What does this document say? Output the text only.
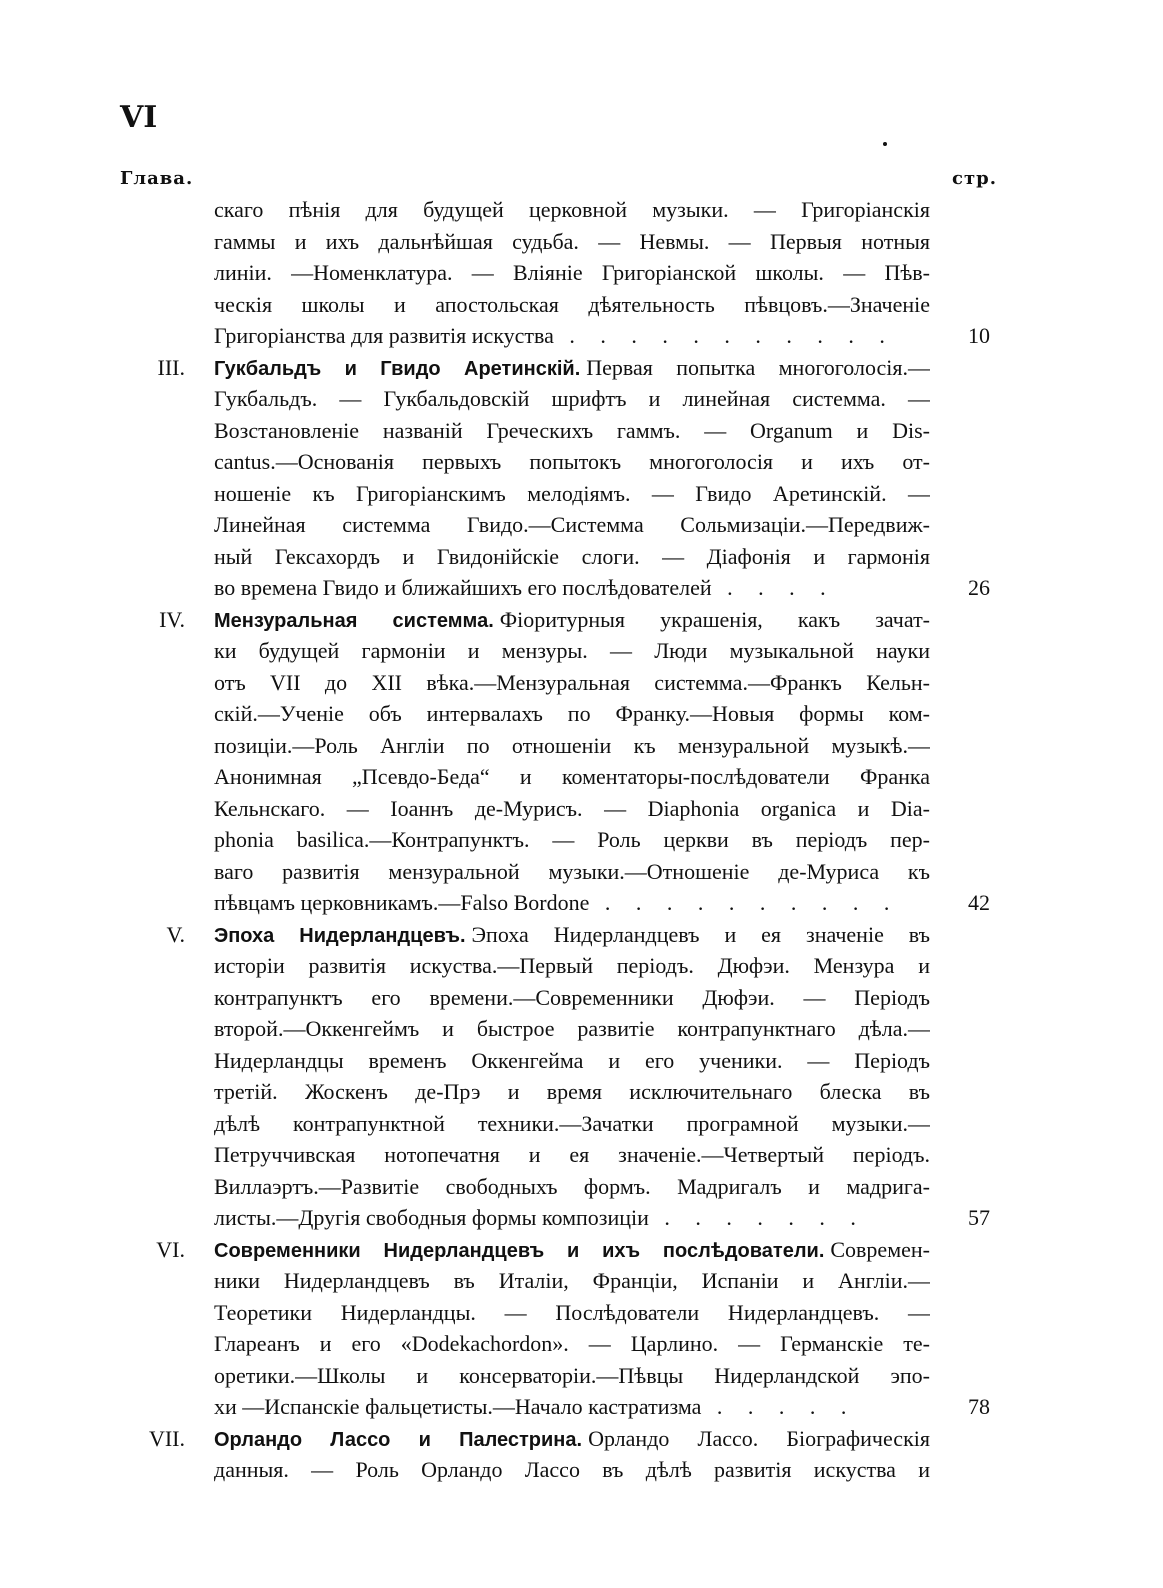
VI
Глава.	стр.
скаго пѣнія для будущей церковной музыки. — Григоріанскія
гаммы и ихъ дальнѣйшая судьба. — Невмы. — Первыя нотныя
линіи. —Номенклатура. — Вліяніе Григоріанской школы. — Пѣв-
ческія школы и апостольская дѣятельность пѣвцовъ.—Значеніе
Григоріанства для развитія искуства . . . . . . . . . . .	10
III.	Гукбальдъ и Гвидо Аретинскій. Первая попытка многоголосія.—
Гукбальдъ. — Гукбальдовскій шрифтъ и линейная системма. —
Возстановленіе названій Греческихъ гаммъ. — Organum и Dis-
cantus.—Основанія первыхъ попытокъ многоголосія и ихъ от-
ношеніе къ Григоріанскимъ мелодіямъ. — Гвидо Аретинскій. —
Линейная системма Гвидо.—Системма Сольмизаціи.—Передвиж-
ный Гексахордъ и Гвидонійскіе слоги. — Діафонія и гармонія
во времена Гвидо и ближайшихъ его послѣдователей . . . .	26
IV.	Мензуральная системма. Фіоритурныя украшенія, какъ зачат-
ки будущей гармоніи и мензуры. — Люди музыкальной науки
отъ VII до XII вѣка.—Мензуральная системма.—Франкъ Кельн-
скій.—Ученіе объ интервалахъ по Франку.—Новыя формы ком-
позиціи.—Роль Англіи по отношеніи къ мензуральной музыкѣ.—
Анонимная „Псевдо-Беда“ и коментаторы-послѣдователи Франка
Кельнскаго. — Іоаннъ де-Мурисъ. — Diaphonia organica и Dia-
phonia basilica.—Контрапунктъ. — Роль церкви въ періодъ пер-
ваго развитія мензуральной музыки.—Отношеніе де-Муриса къ
пѣвцамъ церковникамъ.—Falso Bordone . . . . . . . . . .	42
V.	Эпоха Нидерландцевъ. Эпоха Нидерландцевъ и ея значеніе въ
исторіи развитія искуства.—Первый періодъ. Дюфэи. Мензура и
контрапунктъ его времени.—Современники Дюфэи. — Періодъ
второй.—Оккенгеймъ и быстрое развитіе контрапунктнаго дѣла.—
Нидерландцы временъ Оккенгейма и его ученики. — Періодъ
третій. Жоскенъ де-Прэ и время исключительнаго блеска въ
дѣлѣ контрапунктной техники.—Зачатки програмной музыки.—
Петруччивская нотопечатня и ея значеніе.—Четвертый періодъ.
Виллаэртъ.—Развитіе свободныхъ формъ. Мадригалъ и мадрига-
листы.—Другія свободныя формы композиціи . . . . . . .	57
VI.	Современники Нидерландцевъ и ихъ послѣдователи. Современ-
ники Нидерландцевъ въ Италіи, Франціи, Испаніи и Англіи.—
Теоретики Нидерландцы. — Послѣдователи Нидерландцевъ. —
Глареанъ и его «Dodekachordon». — Царлино. — Германскіе те-
оретики.—Школы и консерваторіи.—Пѣвцы Нидерландской эпо-
хи —Испанскіе фальцетисты.—Начало кастратизма . . . . .	78
VII.	Орландо Лассо и Палестрина. Орландо Лассо. Біографическія
данныя. — Роль Орландо Лассо въ дѣлѣ развитія искуства и
